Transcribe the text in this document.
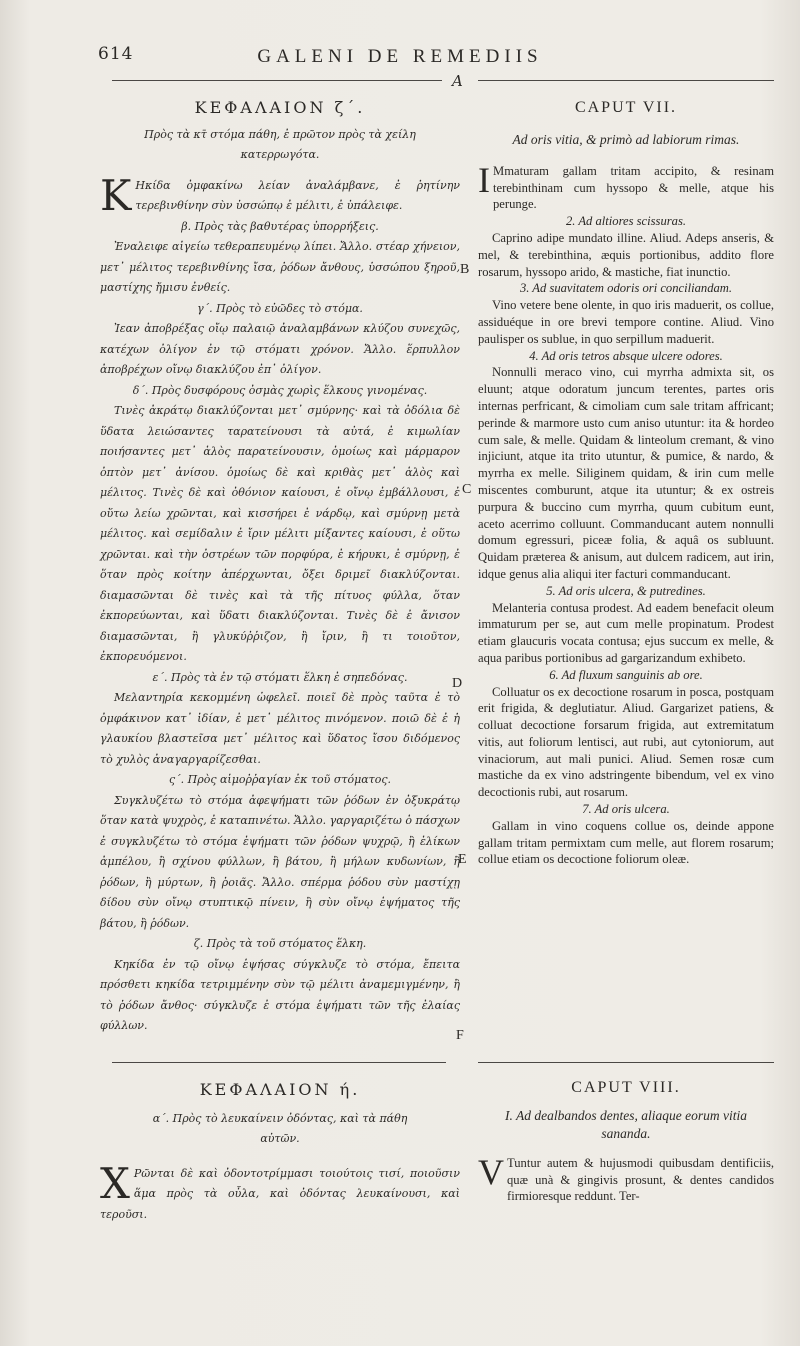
614	GALENI DE REMEDIIS
A
B
C
D
E
F
ΚΕΦΑΛΑΙΟΝ ζ΄.
Πρὸς τὰ κτ̄ στόμα πάθη, ἐ πρῶτον πρὸς τὰ χείλη κατερρωγότα.
Κ Ηκίδα ὀμφακίνω λείαν ἀναλάμβανε, ἐ ῥητίνην τερεβινθίνην σὺν ὑσσώπῳ ἐ μέλιτι, ἐ ὑπάλειφε.
β. Πρὸς τὰς βαθυτέρας ὑπορρήξεις.
Ἐναλειφε αἰγείω τεθεραπευμένῳ λίπει. Ἄλλο. στέαρ χήνειον, μετ᾽ μέλιτος τερεβινθίνης ἴσα, ῥόδων ἄνθους, ὑσσώπου ξηροῦ, μαστίχης ἤμισυ ἐνθείς.
γ΄. Πρὸς τὸ εὐῶδες τὸ στόμα.
Ἰεαν ἀποβρέξας οἴῳ παλαιῷ ἀναλαμβάνων κλύζου συνεχῶς, κατέχων ὀλίγον ἐν τῷ στόματι χρόνον. Ἄλλο. ἕρπυλλον ἀποβρέχων οἴνῳ διακλύζου ἐπ᾽ ὀλίγον.
δ΄. Πρὸς δυσφόρους ὀσμὰς χωρὶς ἕλκους γινομένας.
Τινὲς ἀκράτῳ διακλύζονται μετ᾽ σμύρνης· καὶ τὰ ὀδόλια δὲ ὕδατα λειώσαντες ταρατείνουσι τὰ αὐτά, ἐ κιμωλίαν ποιήσαντες μετ᾽ ἁλὸς παρατείνουσιν, ὁμοίως καὶ μάρμαρον ὀπτὸν μετ᾽ ἀνίσου. ὁμοίως δὲ καὶ κριθὰς μετ᾽ ἁλὸς καὶ μέλιτος. Τινὲς δὲ καὶ ὀθόνιον καίουσι, ἐ οἴνῳ ἐμβάλλουσι, ἐ οὕτω λείω χρῶνται, καὶ κισσήρει ἐ νάρδῳ, καὶ σμύρνῃ μετὰ μέλιτος. καὶ σεμίδαλιν ἐ ἴριν μέλιτι μίξαντες καίουσι, ἐ οὕτω χρῶνται. καὶ τὴν ὀστρέων τῶν πορφύρα, ἐ κήρυκι, ἐ σμύρνῃ, ἐ ὅταν πρὸς κοίτην ἀπέρχωνται, ὄξει δριμεῖ διακλύζονται. διαμασῶνται δὲ τινὲς καὶ τὰ τῆς πίτυος φύλλα, ὅταν ἐκπορεύωνται, καὶ ὕδατι διακλύζονται. Τινὲς δὲ ἐ ἄνισον διαμασῶνται, ἢ γλυκύῤῥιζον, ἢ ἴριν, ἢ τι τοιοῦτον, ἐκπορευόμενοι.
ε΄. Πρὸς τὰ ἐν τῷ στόματι ἕλκη ἐ σηπεδόνας.
Μελαντηρία κεκομμένη ὠφελεῖ. ποιεῖ δὲ πρὸς ταῦτα ἐ τὸ ὀμφάκινον κατ᾽ ἰδίαν, ἐ μετ᾽ μέλιτος πινόμενον. ποιῶ δὲ ἐ ἡ γλαυκίου βλαστεῖσα μετ᾽ μέλιτος καὶ ὕδατος ἴσου διδόμενος τὸ χυλὸς ἀναγαργαρίζεσθαι.
ς΄. Πρὸς αἱμοῤῥαγίαν ἐκ τοῦ στόματος.
Συγκλυζέτω τὸ στόμα ἀφεψήματι τῶν ῥόδων ἐν ὀξυκράτῳ ὅταν κατὰ ψυχρὸς, ἐ καταπινέτω. Ἄλλο. γαργαριζέτω ὁ πάσχων ἐ συγκλυζέτω τὸ στόμα ἑψήματι τῶν ῥόδων ψυχρῷ, ἢ ἑλίκων ἀμπέλου, ἢ σχίνου φύλλων, ἢ βάτου, ἢ μήλων κυδωνίων, ἢ ῥόδων, ἢ μύρτων, ἢ ῥοιᾶς. Ἄλλο. σπέρμα ῥόδου σὺν μαστίχῃ δίδου σὺν οἴνῳ στυπτικῷ πίνειν, ἢ σὺν οἴνῳ ἑψήματος τῆς βάτου, ἢ ῥόδων.
ζ. Πρὸς τὰ τοῦ στόματος ἕλκη.
Κηκίδα ἐν τῷ οἴνῳ ἑψήσας σύγκλυζε τὸ στόμα, ἔπειτα πρόσθετι κηκίδα τετριμμένην σὺν τῷ μέλιτι ἀναμεμιγμένην, ἢ τὸ ῥόδων ἄνθος· σύγκλυζε ἐ στόμα ἑψήματι τῶν τῆς ἐλαίας φύλλων.
ΚΕΦΑΛΑΙΟΝ ή.
α΄. Πρὸς τὸ λευκαίνειν ὀδόντας, καὶ τὰ πάθη αὐτῶν.
Χ Ρῶνται δὲ καὶ ὀδοντοτρίμμασι τοιούτοις τισί, ποιοῦσιν ἅμα πρὸς τὰ οὖλα, καὶ ὀδόντας λευκαίνουσι, καὶ τεροῦσι.
CAPUT VII.
Ad oris vitia, & primò ad labiorum rimas.
I Mmaturam gallam tritam accipito, & resinam terebinthinam cum hyssopo & melle, atque his perunge.
2. Ad altiores scissuras.
Caprino adipe mundato illine. Aliud. Adeps anseris, & mel, & terebinthina, æquis portionibus, addito flore rosarum, hyssopo arido, & mastiche, fiat inunctio.
3. Ad suavitatem odoris ori conciliandam.
Vino vetere bene olente, in quo iris maduerit, os collue, assiduéque in ore brevi tempore contine. Aliud. Vino paulisper os sublue, in quo serpillum maduerit.
4. Ad oris tetros absque ulcere odores.
Nonnulli meraco vino, cui myrrha admixta sit, os eluunt; atque odoratum juncum terentes, partes oris internas perfricant, & cimoliam cum sale tritam affricant; perinde & marmore usto cum aniso utuntur: ita & hordeo cum sale, & melle. Quidam & linteolum cremant, & vino injiciunt, atque ita trito utuntur, & pumice, & nardo, & myrrha ex melle. Siliginem quidam, & irin cum melle miscentes comburunt, atque ita utuntur; & ex ostreis purpura & buccino cum myrrha, quum cubitum eunt, aceto acerrimo colluunt. Commanducant autem nonnulli domum egressuri, piceæ folia, & aquâ os subluunt. Quidam præterea & anisum, aut dulcem radicem, aut irin, idque genus alia aliqui iter facturi commanducant.
5. Ad oris ulcera, & putredines.
Melanteria contusa prodest. Ad eadem benefacit oleum immaturum per se, aut cum melle propinatum. Prodest etiam glaucuris vocata contusa; ejus succum ex melle, & aqua paribus portionibus ad gargarizandum exhibeto.
6. Ad fluxum sanguinis ab ore.
Colluatur os ex decoctione rosarum in posca, postquam erit frigida, & deglutiatur. Aliud. Gargarizet patiens, & colluat decoctione forsarum frigida, aut extremitatum vitis, aut foliorum lentisci, aut rubi, aut cytoniorum, aut vinaciorum, aut mali punici. Aliud. Semen rosæ cum mastiche da ex vino adstringente bibendum, vel ex vino decoctionis rubi, aut rosarum.
7. Ad oris ulcera.
Gallam in vino coquens collue os, deinde appone gallam tritam permixtam cum melle, aut florem rosarum; collue etiam os decoctione foliorum oleæ.
CAPUT VIII.
I. Ad dealbandos dentes, aliaque eorum vitia sananda.
V Tuntur autem & hujusmodi quibusdam dentificiis, quæ unà & gingivis prosunt, & dentes candidos firmioresque reddunt. Ter-
